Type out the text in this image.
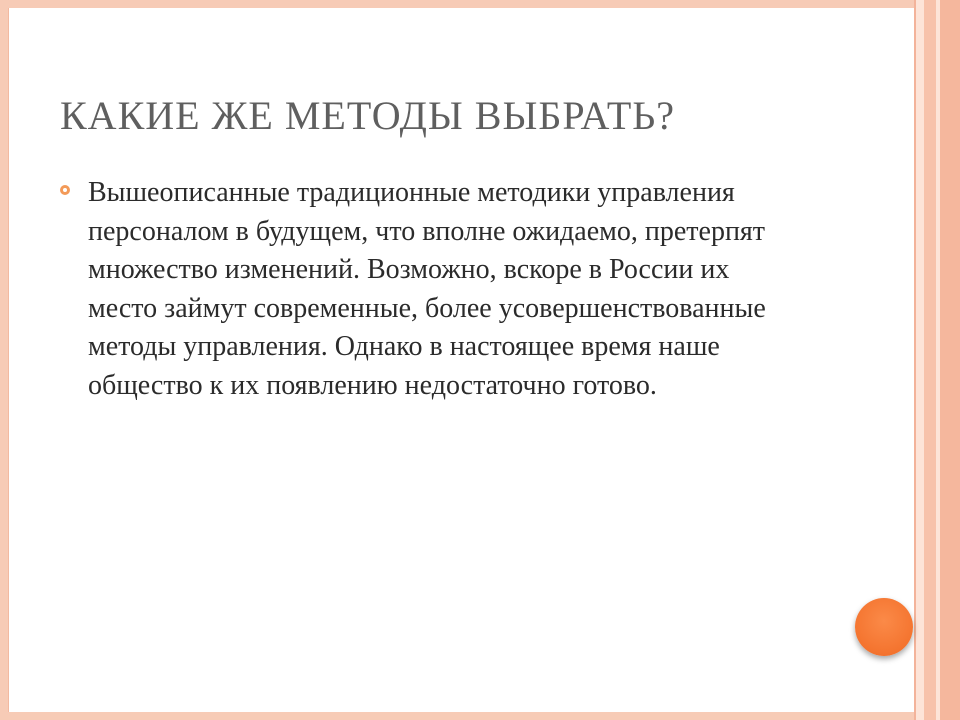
КАКИЕ ЖЕ МЕТОДЫ ВЫБРАТЬ?
Вышеописанные традиционные методики управления персоналом в будущем, что вполне ожидаемо, претерпят множество изменений. Возможно, вскоре в России их место займут современные, более усовершенствованные методы управления. Однако в настоящее время наше общество к их появлению недостаточно готово.
